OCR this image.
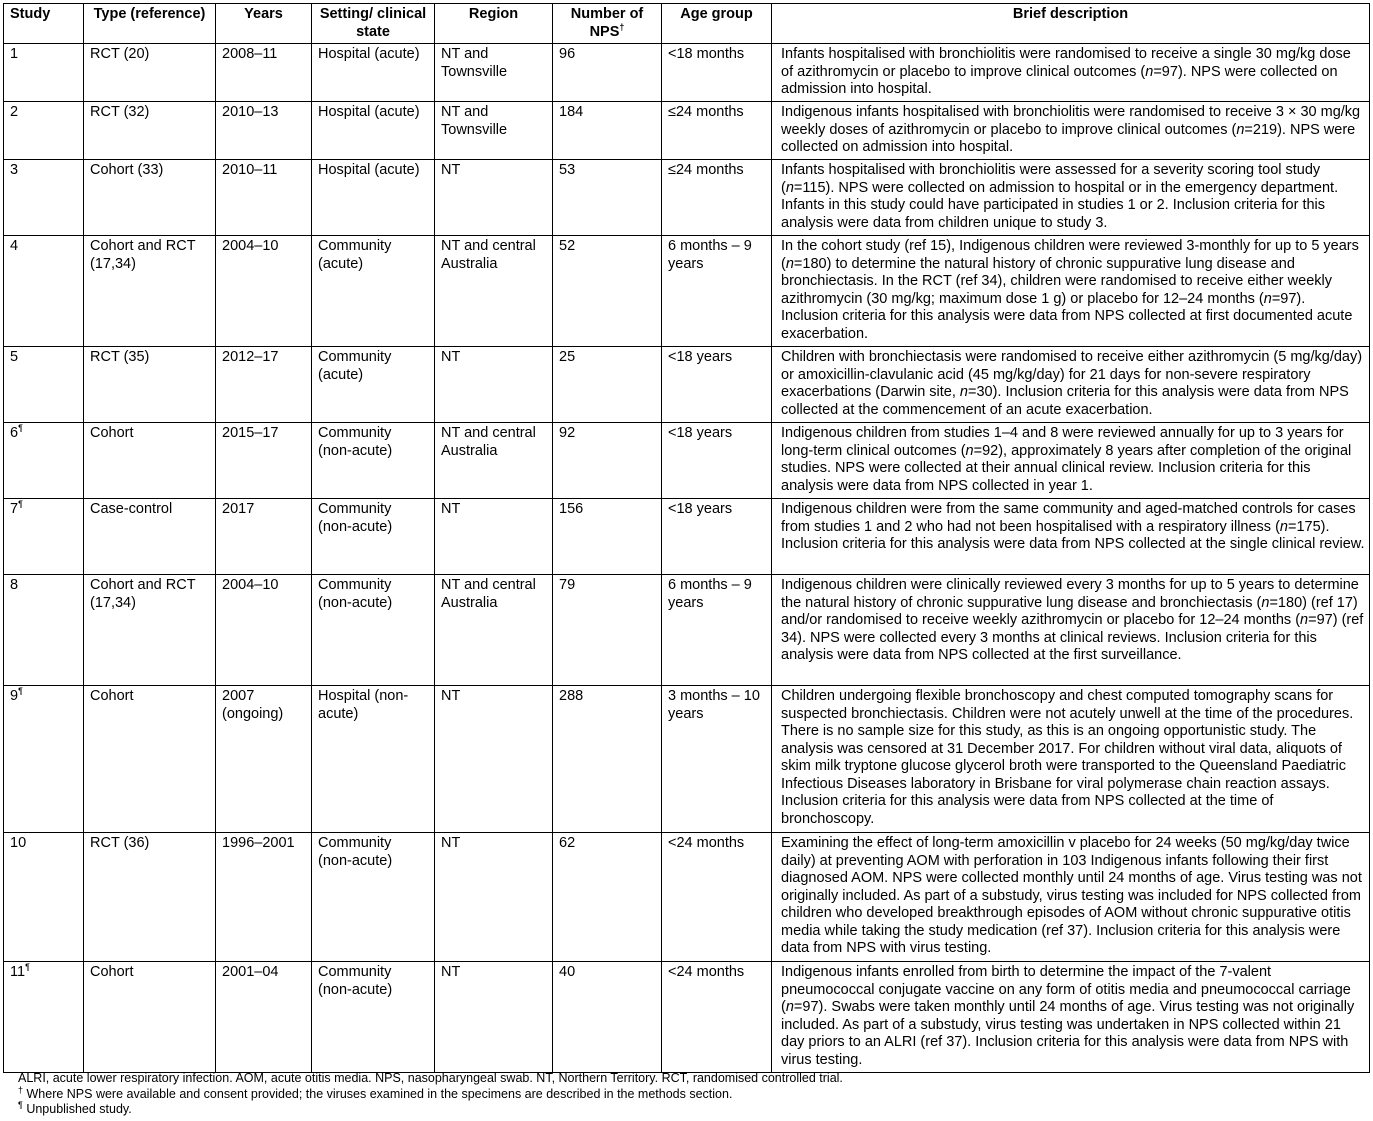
Study	Type (reference)	Years	Setting/ clinical state	Region	Number of NPS†	Age group	Brief description
1	RCT (20)	2008–11	Hospital (acute)	NT and Townsville	96	<18 months	Infants hospitalised with bronchiolitis were randomised to receive a single 30 mg/kg dose of azithromycin or placebo to improve clinical outcomes (n=97). NPS were collected on admission into hospital.
2	RCT (32)	2010–13	Hospital (acute)	NT and Townsville	184	≤24 months	Indigenous infants hospitalised with bronchiolitis were randomised to receive 3 × 30 mg/kg weekly doses of azithromycin or placebo to improve clinical outcomes (n=219). NPS were collected on admission into hospital.
3	Cohort (33)	2010–11	Hospital (acute)	NT	53	≤24 months	Infants hospitalised with bronchiolitis were assessed for a severity scoring tool study (n=115). NPS were collected on admission to hospital or in the emergency department. Infants in this study could have participated in studies 1 or 2. Inclusion criteria for this analysis were data from children unique to study 3.
4	Cohort and RCT (17,34)	2004–10	Community (acute)	NT and central Australia	52	6 months – 9 years	In the cohort study (ref 15), Indigenous children were reviewed 3-monthly for up to 5 years (n=180) to determine the natural history of chronic suppurative lung disease and bronchiectasis. In the RCT (ref 34), children were randomised to receive either weekly azithromycin (30 mg/kg; maximum dose 1 g) or placebo for 12–24 months (n=97). Inclusion criteria for this analysis were data from NPS collected at first documented acute exacerbation.
5	RCT (35)	2012–17	Community (acute)	NT	25	<18 years	Children with bronchiectasis were randomised to receive either azithromycin (5 mg/kg/day) or amoxicillin-clavulanic acid (45 mg/kg/day) for 21 days for non-severe respiratory exacerbations (Darwin site, n=30). Inclusion criteria for this analysis were data from NPS collected at the commencement of an acute exacerbation.
6¶	Cohort	2015–17	Community (non-acute)	NT and central Australia	92	<18 years	Indigenous children from studies 1–4 and 8 were reviewed annually for up to 3 years for long-term clinical outcomes (n=92), approximately 8 years after completion of the original studies. NPS were collected at their annual clinical review. Inclusion criteria for this analysis were data from NPS collected in year 1.
7¶	Case-control	2017	Community (non-acute)	NT	156	<18 years	Indigenous children were from the same community and aged-matched controls for cases from studies 1 and 2 who had not been hospitalised with a respiratory illness (n=175). Inclusion criteria for this analysis were data from NPS collected at the single clinical review.
8	Cohort and RCT (17,34)	2004–10	Community (non-acute)	NT and central Australia	79	6 months – 9 years	Indigenous children were clinically reviewed every 3 months for up to 5 years to determine the natural history of chronic suppurative lung disease and bronchiectasis (n=180) (ref 17) and/or randomised to receive weekly azithromycin or placebo for 12–24 months (n=97) (ref 34). NPS were collected every 3 months at clinical reviews. Inclusion criteria for this analysis were data from NPS collected at the first surveillance.
9¶	Cohort	2007 (ongoing)	Hospital (non-acute)	NT	288	3 months – 10 years	Children undergoing flexible bronchoscopy and chest computed tomography scans for suspected bronchiectasis. Children were not acutely unwell at the time of the procedures. There is no sample size for this study, as this is an ongoing opportunistic study. The analysis was censored at 31 December 2017. For children without viral data, aliquots of skim milk tryptone glucose glycerol broth were transported to the Queensland Paediatric Infectious Diseases laboratory in Brisbane for viral polymerase chain reaction assays. Inclusion criteria for this analysis were data from NPS collected at the time of bronchoscopy.
10	RCT (36)	1996–2001	Community (non-acute)	NT	62	<24 months	Examining the effect of long-term amoxicillin v placebo for 24 weeks (50 mg/kg/day twice daily) at preventing AOM with perforation in 103 Indigenous infants following their first diagnosed AOM. NPS were collected monthly until 24 months of age. Virus testing was not originally included. As part of a substudy, virus testing was included for NPS collected from children who developed breakthrough episodes of AOM without chronic suppurative otitis media while taking the study medication (ref 37). Inclusion criteria for this analysis were data from NPS with virus testing.
11¶	Cohort	2001–04	Community (non-acute)	NT	40	<24 months	Indigenous infants enrolled from birth to determine the impact of the 7-valent pneumococcal conjugate vaccine on any form of otitis media and pneumococcal carriage (n=97). Swabs were taken monthly until 24 months of age. Virus testing was not originally included. As part of a substudy, virus testing was undertaken in NPS collected within 21 day priors to an ALRI (ref 37). Inclusion criteria for this analysis were data from NPS with virus testing.
ALRI, acute lower respiratory infection. AOM, acute otitis media. NPS, nasopharyngeal swab. NT, Northern Territory. RCT, randomised controlled trial.
† Where NPS were available and consent provided; the viruses examined in the specimens are described in the methods section.
¶ Unpublished study.
